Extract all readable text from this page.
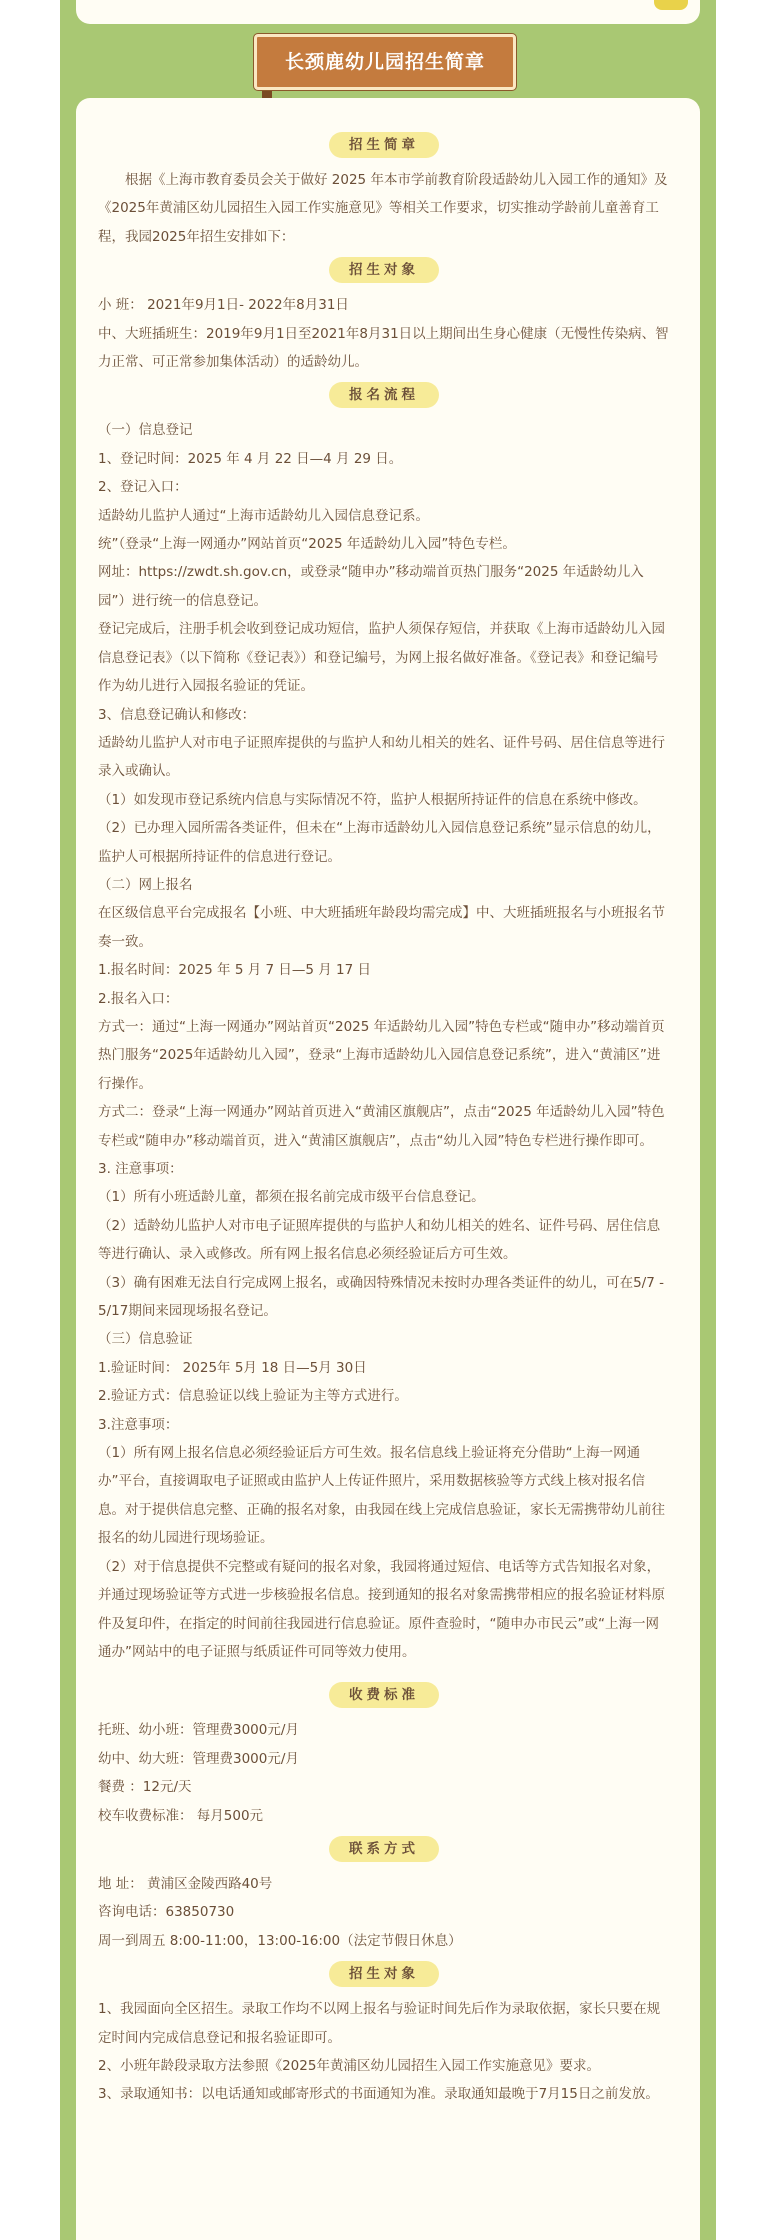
长颈鹿幼儿园招生简章
招生简章

根据《上海市教育委员会关于做好 2025 年本市学前教育阶段适龄幼儿入园工作的通知》及《2025年黄浦区幼儿园招生入园工作实施意见》等相关工作要求，切实推动学龄前儿童善育工程，我园2025年招生安排如下：

招生对象

小 班： 2021年9月1日- 2022年8月31日

中、大班插班生：2019年9月1日至2021年8月31日以上期间出生身心健康（无慢性传染病、智力正常、可正常参加集体活动）的适龄幼儿。

报名流程

（一）信息登记

1、登记时间：2025 年 4 月 22 日—4 月 29 日。

2、登记入口：

适龄幼儿监护人通过“上海市适龄幼儿入园信息登记系。

统”（登录“上海一网通办”网站首页“2025 年适龄幼儿入园”特色专栏。

网址：https://zwdt.sh.gov.cn，或登录“随申办”移动端首页热门服务“2025 年适龄幼儿入园”）进行统一的信息登记。

登记完成后，注册手机会收到登记成功短信，监护人须保存短信，并获取《上海市适龄幼儿入园信息登记表》（以下简称《登记表》）和登记编号，为网上报名做好准备。《登记表》和登记编号作为幼儿进行入园报名验证的凭证。

3、信息登记确认和修改：

适龄幼儿监护人对市电子证照库提供的与监护人和幼儿相关的姓名、证件号码、居住信息等进行录入或确认。

（1）如发现市登记系统内信息与实际情况不符，监护人根据所持证件的信息在系统中修改。

（2）已办理入园所需各类证件，但未在“上海市适龄幼儿入园信息登记系统”显示信息的幼儿，监护人可根据所持证件的信息进行登记。

（二）网上报名

在区级信息平台完成报名【小班、中大班插班年龄段均需完成】中、大班插班报名与小班报名节奏一致。

1.报名时间：2025 年 5 月 7 日—5 月 17 日

2.报名入口：

方式一：通过“上海一网通办”网站首页“2025 年适龄幼儿入园”特色专栏或“随申办”移动端首页热门服务“2025年适龄幼儿入园”，登录“上海市适龄幼儿入园信息登记系统”，进入“黄浦区”进行操作。

方式二：登录“上海一网通办”网站首页进入“黄浦区旗舰店”，点击“2025 年适龄幼儿入园”特色专栏或“随申办”移动端首页，进入“黄浦区旗舰店”，点击“幼儿入园”特色专栏进行操作即可。

3. 注意事项：

（1）所有小班适龄儿童，都须在报名前完成市级平台信息登记。

（2）适龄幼儿监护人对市电子证照库提供的与监护人和幼儿相关的姓名、证件号码、居住信息等进行确认、录入或修改。所有网上报名信息必须经验证后方可生效。

（3）确有困难无法自行完成网上报名，或确因特殊情况未按时办理各类证件的幼儿，可在5/7 - 5/17期间来园现场报名登记。

（三）信息验证

1.验证时间： 2025年 5月 18 日—5月 30日

2.验证方式：信息验证以线上验证为主等方式进行。

3.注意事项：

（1）所有网上报名信息必须经验证后方可生效。报名信息线上验证将充分借助“上海一网通办”平台，直接调取电子证照或由监护人上传证件照片，采用数据核验等方式线上核对报名信息。对于提供信息完整、正确的报名对象，由我园在线上完成信息验证，家长无需携带幼儿前往报名的幼儿园进行现场验证。

（2）对于信息提供不完整或有疑问的报名对象，我园将通过短信、电话等方式告知报名对象，并通过现场验证等方式进一步核验报名信息。接到通知的报名对象需携带相应的报名验证材料原件及复印件，在指定的时间前往我园进行信息验证。原件查验时，“随申办市民云”或“上海一网通办”网站中的电子证照与纸质证件可同等效力使用。

收费标准

托班、幼小班：管理费3000元/月

幼中、幼大班：管理费3000元/月

餐费 ：12元/天

校车收费标准： 每月500元

联系方式

地 址： 黄浦区金陵西路40号

咨询电话：63850730

周一到周五 8:00-11:00，13:00-16:00（法定节假日休息）

招生对象

1、我园面向全区招生。录取工作均不以网上报名与验证时间先后作为录取依据，家长只要在规定时间内完成信息登记和报名验证即可。

2、小班年龄段录取方法参照《2025年黄浦区幼儿园招生入园工作实施意见》要求。

3、录取通知书：以电话通知或邮寄形式的书面通知为准。录取通知最晚于7月15日之前发放。
